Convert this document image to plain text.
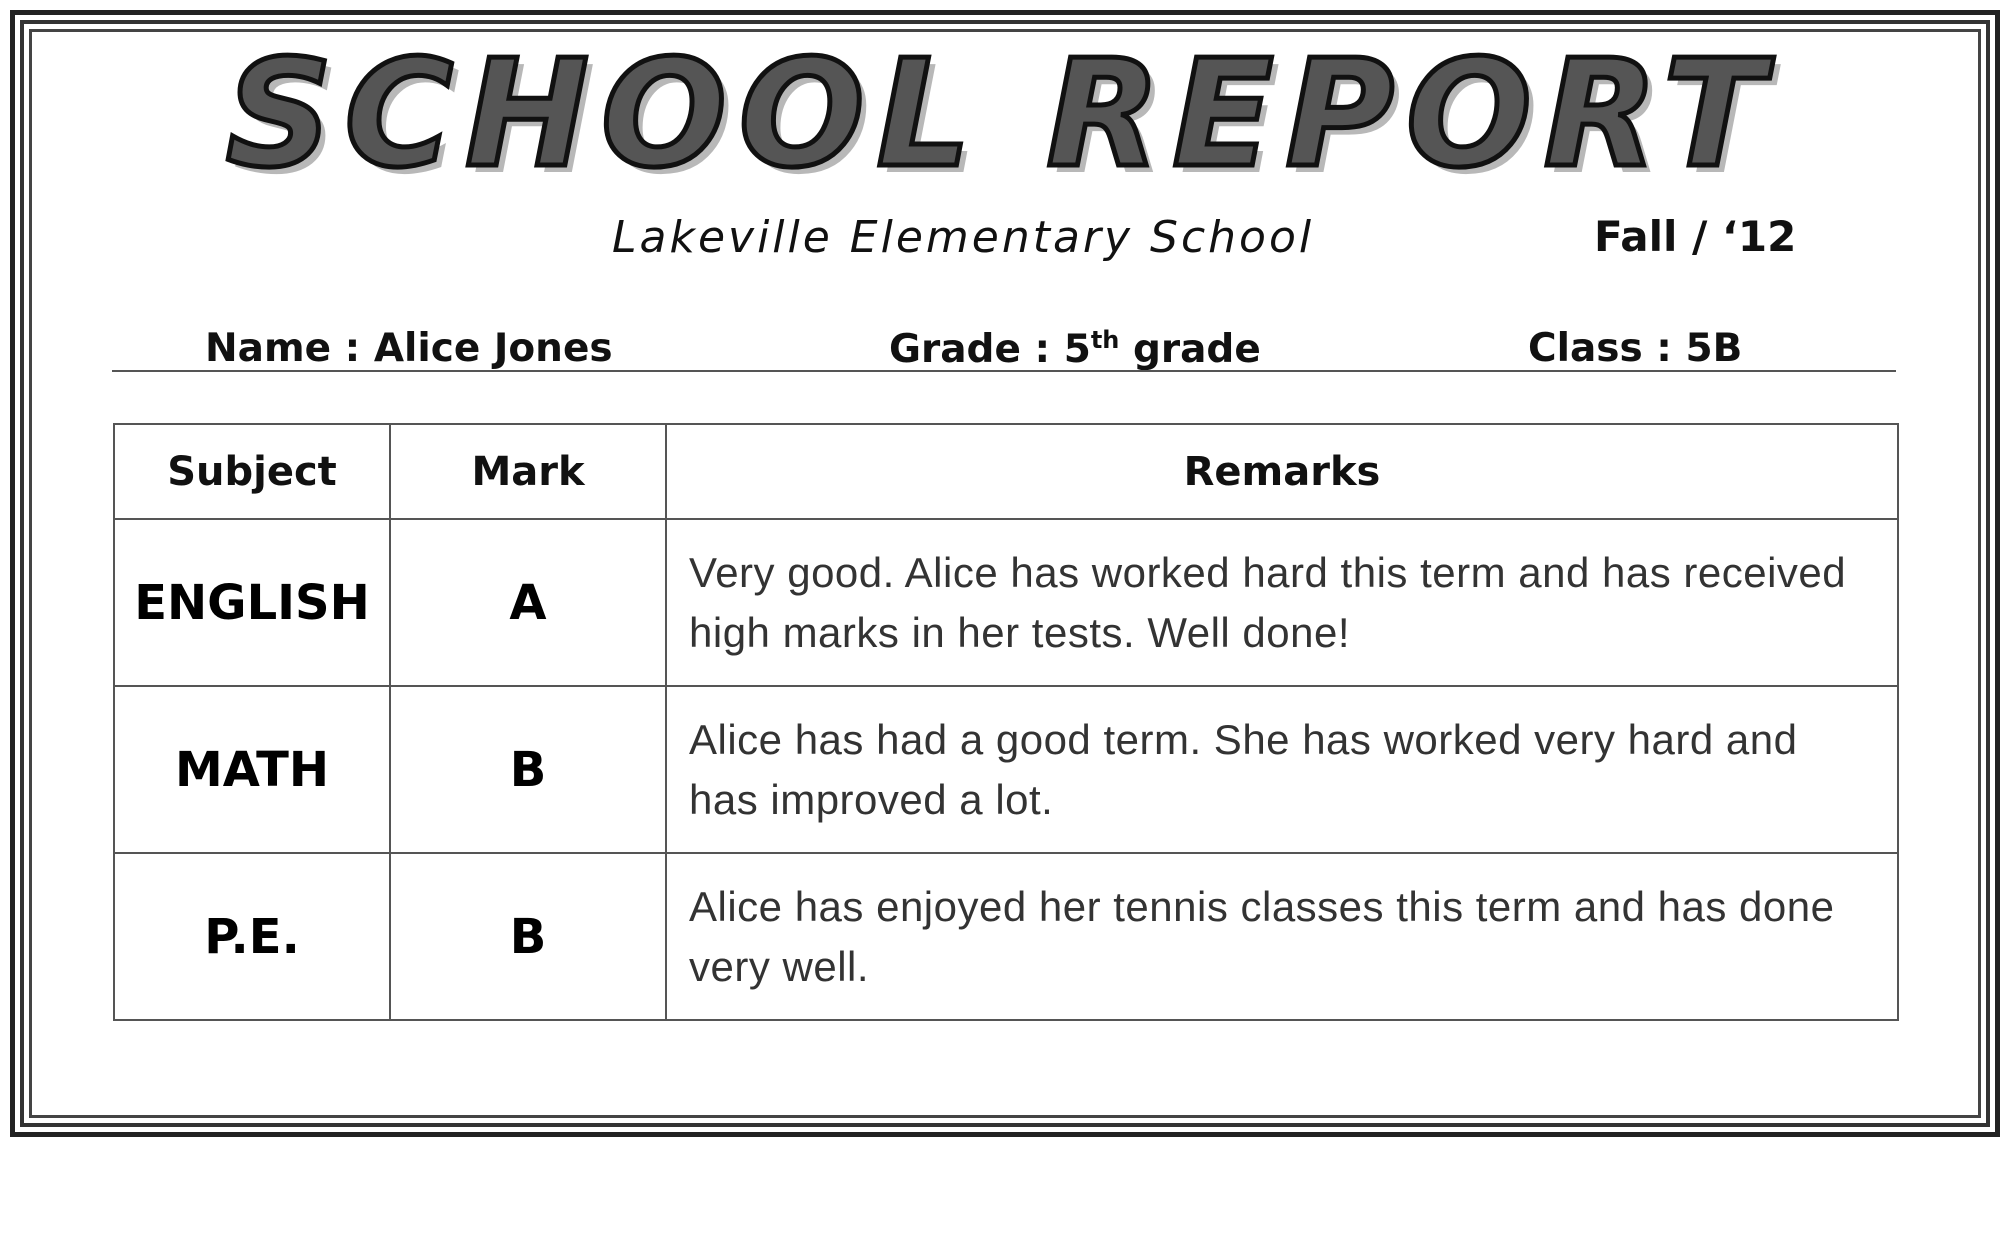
SCHOOL REPORT
Lakeville Elementary School	Fall / ‘12
Name : Alice Jones	Grade : 5th grade	Class : 5B
Subject	Mark	Remarks
ENGLISH	A	Very good. Alice has worked hard this term and has received high marks in her tests. Well done!
MATH	B	Alice has had a good term. She has worked very hard and has improved a lot.
P.E.	B	Alice has enjoyed her tennis classes this term and has done very well.
